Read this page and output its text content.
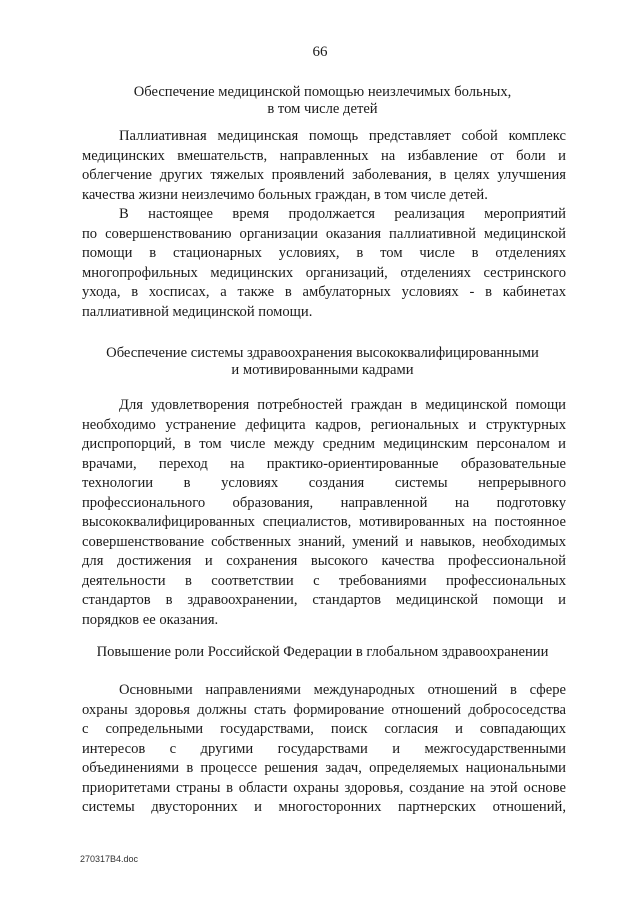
66
Обеспечение медицинской помощью неизлечимых больных,
в том числе детей
Паллиативная медицинская помощь представляет собой комплекс
медицинских вмешательств, направленных на избавление от боли и
облегчение других тяжелых проявлений заболевания, в целях улучшения
качества жизни неизлечимо больных граждан, в том числе детей.
В настоящее время продолжается реализация мероприятий
по совершенствованию организации оказания паллиативной медицинской
помощи в стационарных условиях, в том числе в отделениях
многопрофильных медицинских организаций, отделениях сестринского
ухода, в хосписах, а также в амбулаторных условиях - в кабинетах
паллиативной медицинской помощи.
Обеспечение системы здравоохранения высококвалифицированными
и мотивированными кадрами
Для удовлетворения потребностей граждан в медицинской помощи
необходимо устранение дефицита кадров, региональных и структурных
диспропорций, в том числе между средним медицинским персоналом и
врачами, переход на практико-ориентированные образовательные
технологии в условиях создания системы непрерывного
профессионального образования, направленной на подготовку
высококвалифицированных специалистов, мотивированных на постоянное
совершенствование собственных знаний, умений и навыков, необходимых
для достижения и сохранения высокого качества профессиональной
деятельности в соответствии с требованиями профессиональных
стандартов в здравоохранении, стандартов медицинской помощи и
порядков ее оказания.
Повышение роли Российской Федерации в глобальном здравоохранении
Основными направлениями международных отношений в сфере
охраны здоровья должны стать формирование отношений добрососедства
с сопредельными государствами, поиск согласия и совпадающих
интересов с другими государствами и межгосударственными
объединениями в процессе решения задач, определяемых национальными
приоритетами страны в области охраны здоровья, создание на этой основе
системы двусторонних и многосторонних партнерских отношений,
270317В4.doc
